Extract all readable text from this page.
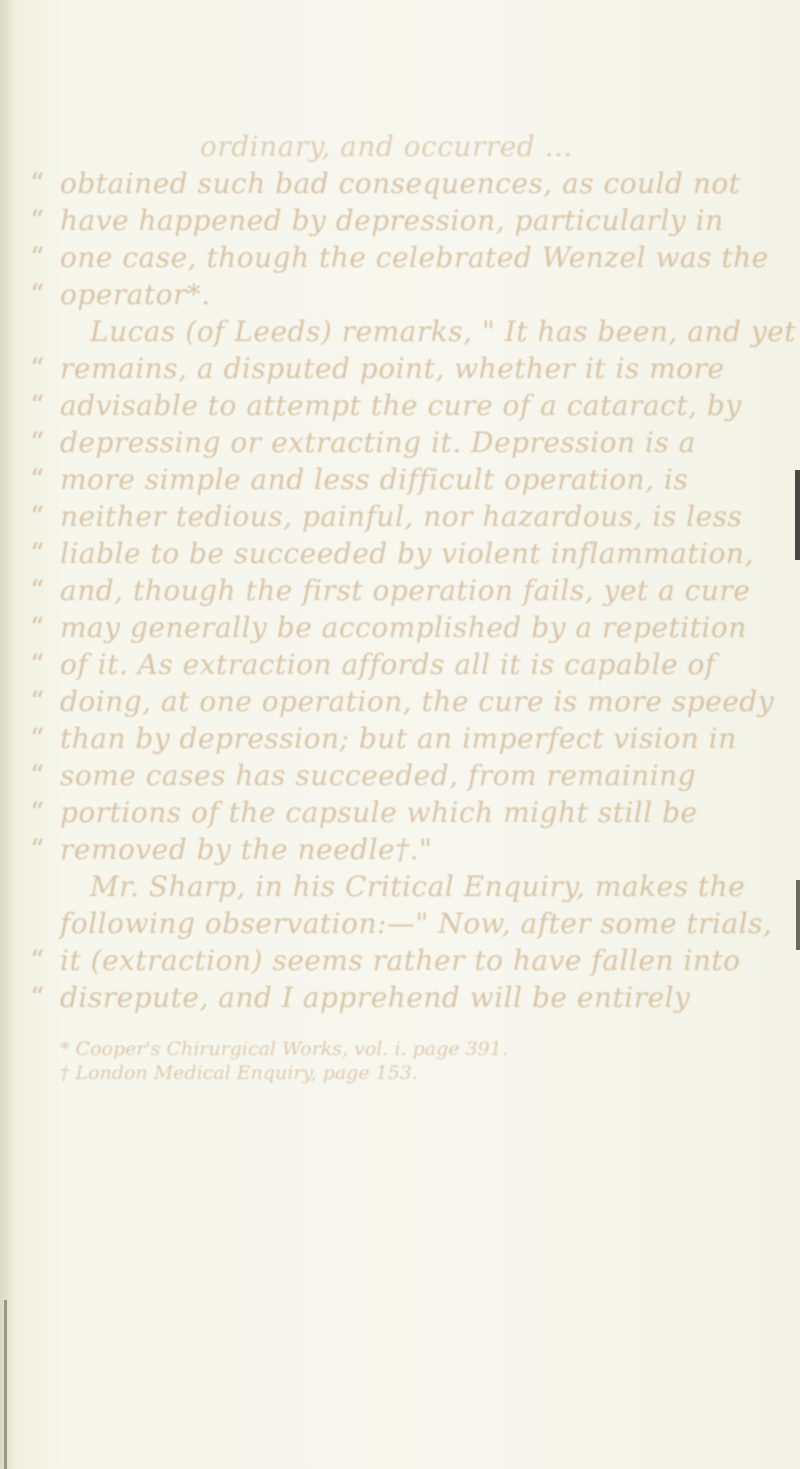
ordinary, and occurred ...
“ obtained such bad consequences, as could not
“ have happened by depression, particularly in
“ one case, though the celebrated Wenzel was the
“ operator*.
Lucas (of Leeds) remarks, " It has been, and yet
“ remains, a disputed point, whether it is more
“ advisable to attempt the cure of a cataract, by
“ depressing or extracting it. Depression is a
“ more simple and less difficult operation, is
“ neither tedious, painful, nor hazardous, is less
“ liable to be succeeded by violent inflammation,
“ and, though the first operation fails, yet a cure
“ may generally be accomplished by a repetition
“ of it. As extraction affords all it is capable of
“ doing, at one operation, the cure is more speedy
“ than by depression; but an imperfect vision in
“ some cases has succeeded, from remaining
“ portions of the capsule which might still be
“ removed by the needle†."
Mr. Sharp, in his Critical Enquiry, makes the
following observation:—" Now, after some trials,
“ it (extraction) seems rather to have fallen into
“ disrepute, and I apprehend will be entirely
* Cooper's Chirurgical Works, vol. i. page 391.
† London Medical Enquiry, page 153.
